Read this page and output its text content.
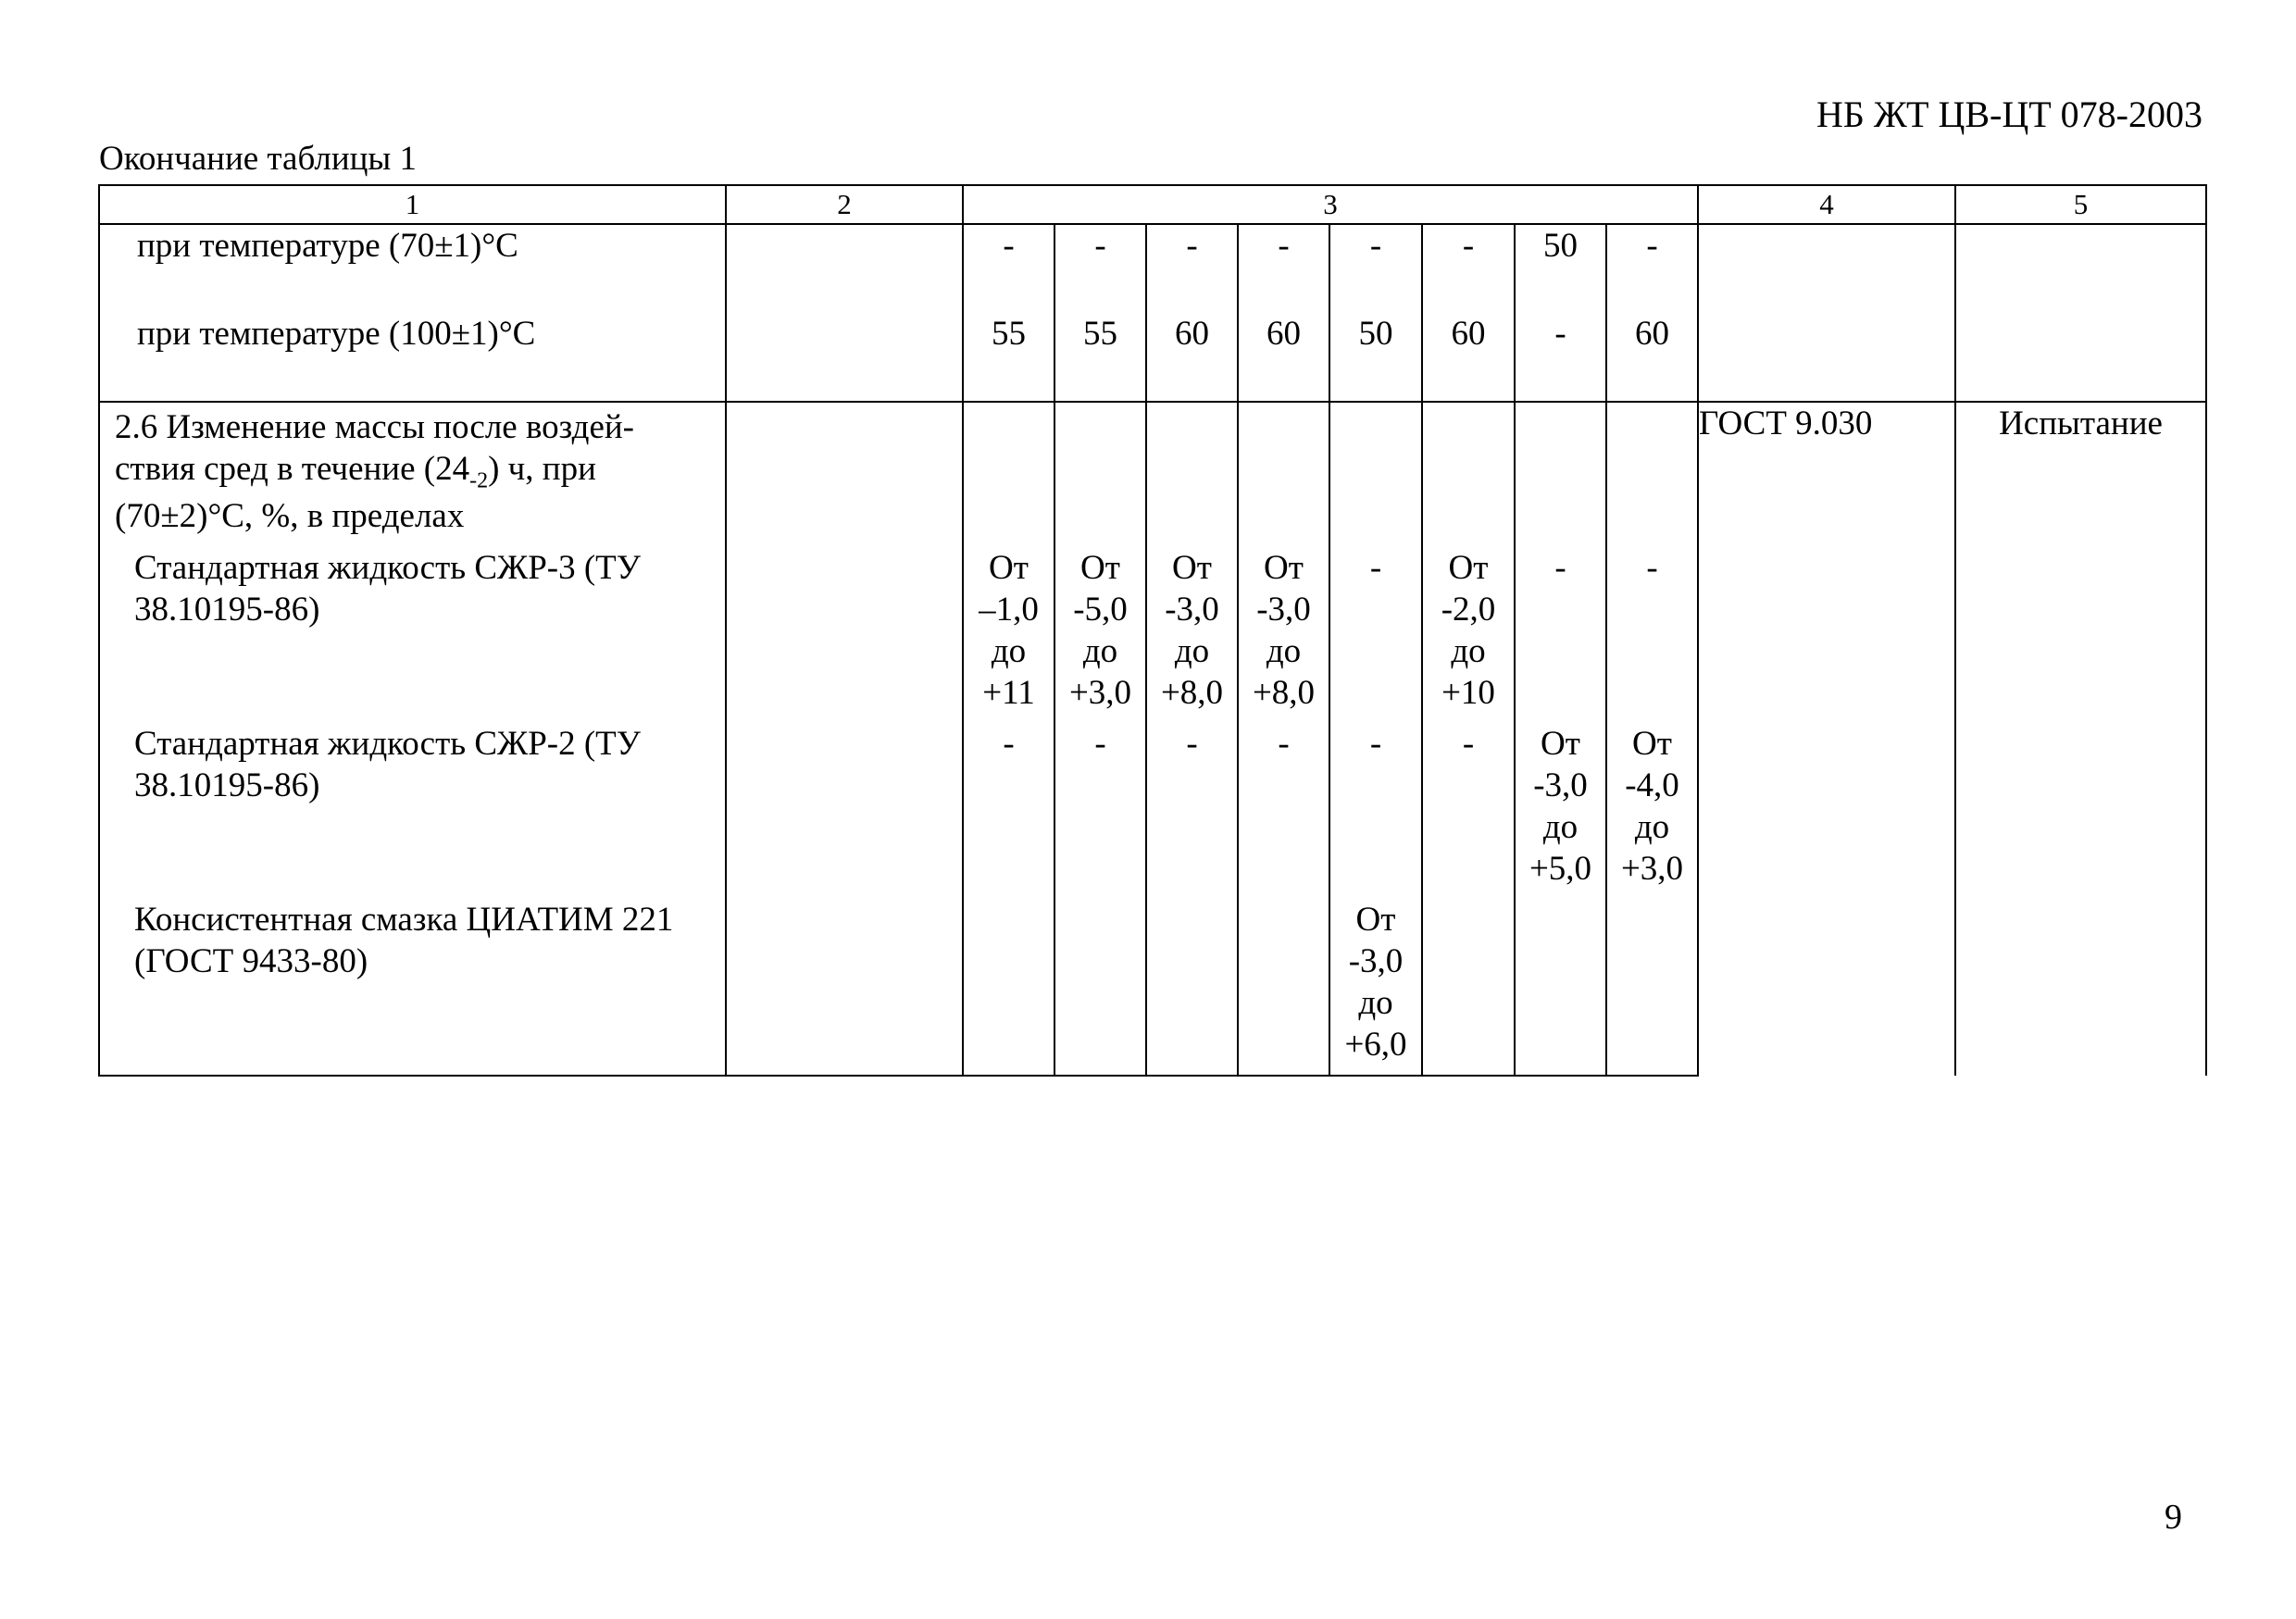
НБ ЖТ ЦВ-ЦТ 078-2003
Окончание таблицы 1
1	2	3								4	5
при температуре (70±1)°С		-	-	-	-	-	-	50	-		
при температуре (100±1)°С		55	55	60	60	50	60	-	60		
2.6 Изменение массы после воздей-
ствия сред в течение $(24_{-2})$ ч, при
(70±2)°С, %, в пределах										ГОСТ 9.030	Испытание
Стандартная жидкость СЖР-3 (ТУ 38.10195-86)		От
–1,0
до
+11	От
-5,0
до
+3,0	От
-3,0
до
+8,0	От
-3,0
до
+8,0	-	От
-2,0
до
+10	-	-		
Стандартная жидкость СЖР-2 (ТУ 38.10195-86)		-	-	-	-	-	-	От
-3,0
до
+5,0	От
-4,0
до
+3,0		
Консистентная смазка ЦИАТИМ 221 (ГОСТ 9433-80)						От
-3,0
до
+6,0					
9
